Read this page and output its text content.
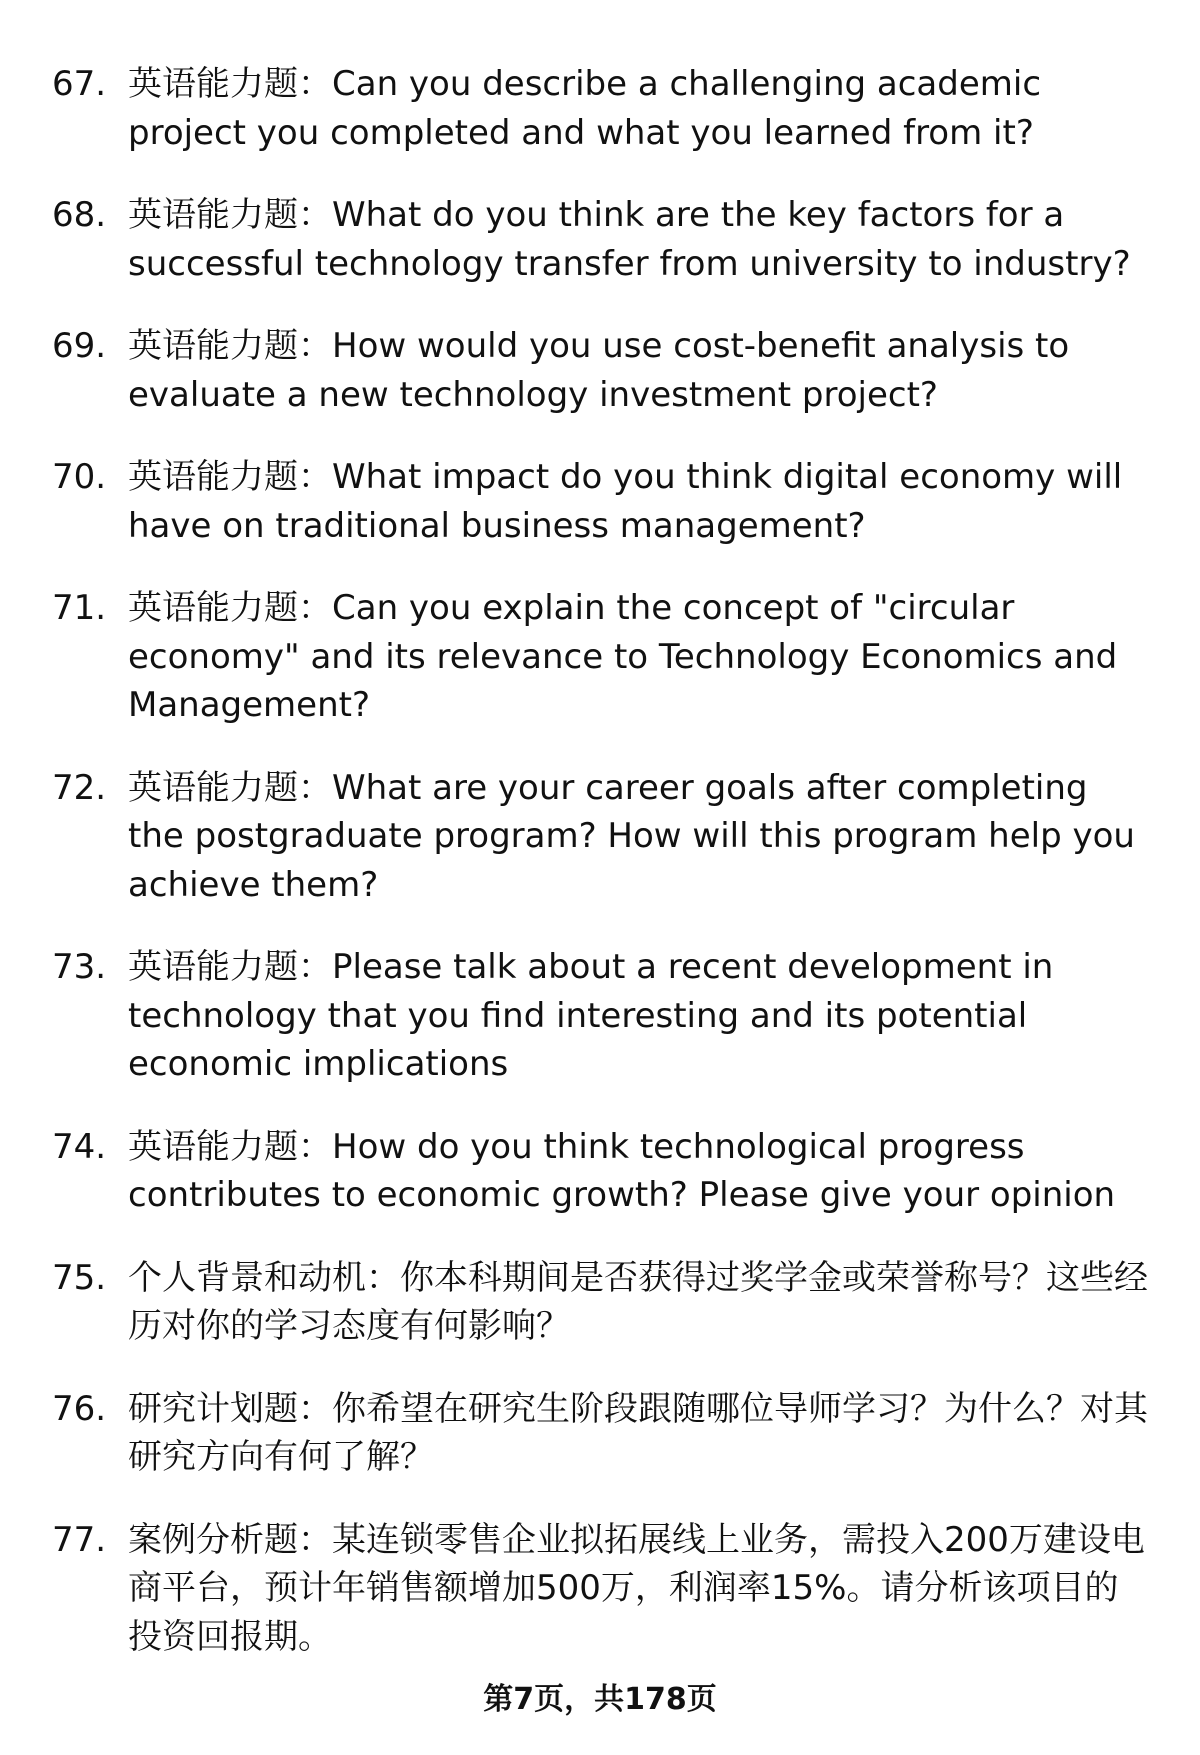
67. 英语能力题：Can you describe a challenging academic project you completed and what you learned from it?
68. 英语能力题：What do you think are the key factors for a successful technology transfer from university to industry?
69. 英语能力题：How would you use cost-benefit analysis to evaluate a new technology investment project?
70. 英语能力题：What impact do you think digital economy will have on traditional business management?
71. 英语能力题：Can you explain the concept of "circular economy" and its relevance to Technology Economics and Management?
72. 英语能力题：What are your career goals after completing the postgraduate program? How will this program help you achieve them?
73. 英语能力题：Please talk about a recent development in technology that you find interesting and its potential economic implications
74. 英语能力题：How do you think technological progress contributes to economic growth? Please give your opinion
75. 个人背景和动机：你本科期间是否获得过奖学金或荣誉称号？这些经历对你的学习态度有何影响？
76. 研究计划题：你希望在研究生阶段跟随哪位导师学习？为什么？对其研究方向有何了解？
77. 案例分析题：某连锁零售企业拟拓展线上业务，需投入200万建设电商平台，预计年销售额增加500万，利润率15%。请分析该项目的投资回报期。
第7页，共178页
